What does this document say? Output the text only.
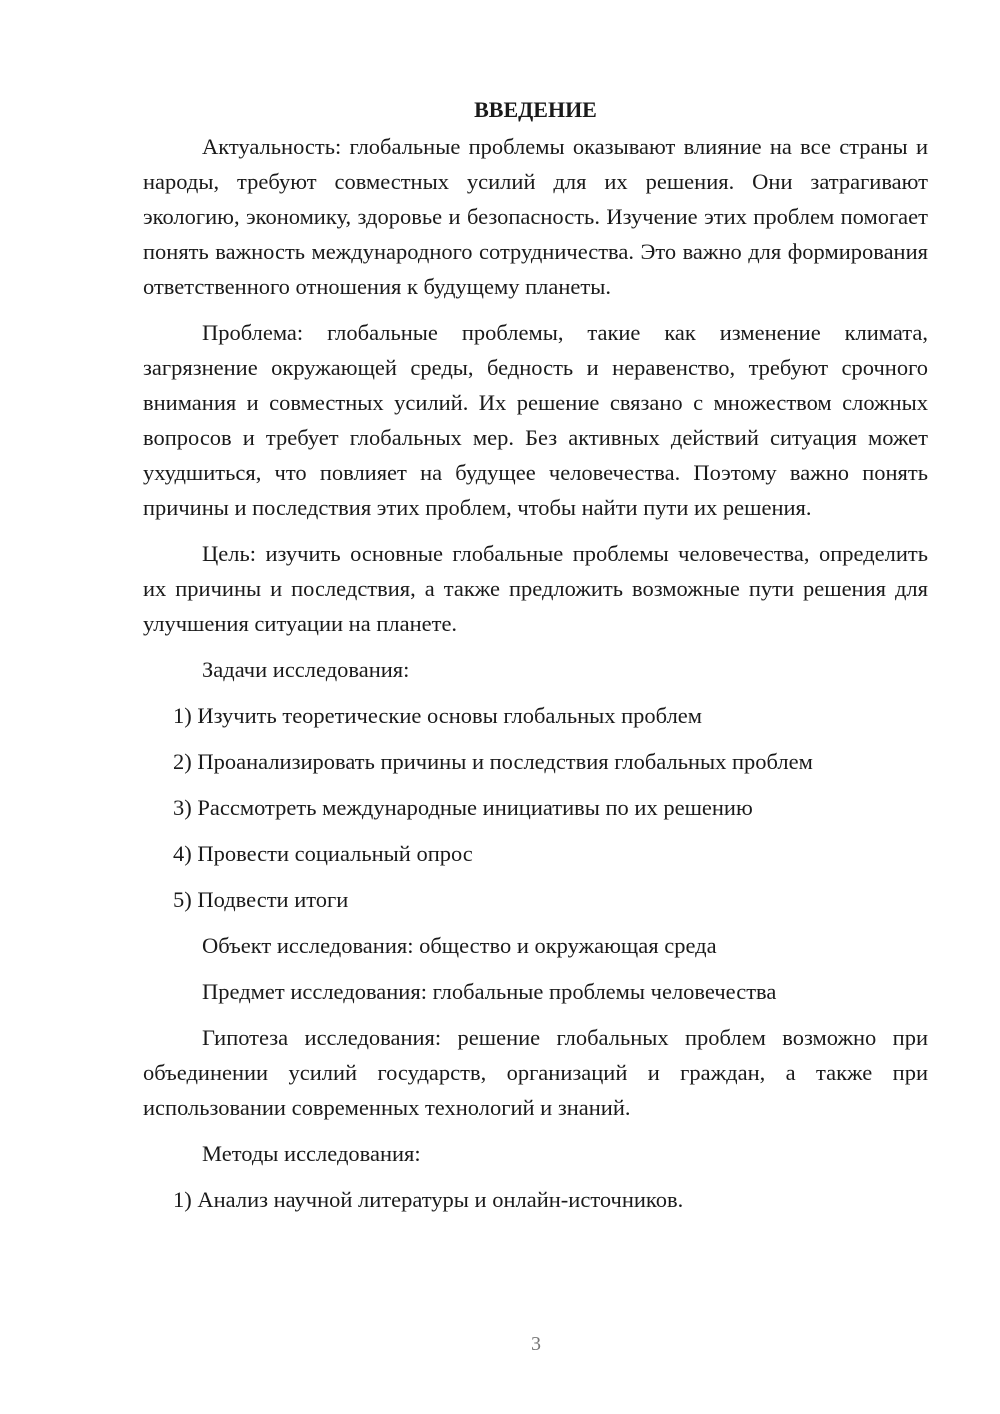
ВВЕДЕНИЕ

Актуальность: глобальные проблемы оказывают влияние на все страны и народы, требуют совместных усилий для их решения. Они затрагивают экологию, экономику, здоровье и безопасность. Изучение этих проблем помогает понять важность международного сотрудничества. Это важно для формирования ответственного отношения к будущему планеты.

Проблема: глобальные проблемы, такие как изменение климата, загрязнение окружающей среды, бедность и неравенство, требуют срочного внимания и совместных усилий. Их решение связано с множеством сложных вопросов и требует глобальных мер. Без активных действий ситуация может ухудшиться, что повлияет на будущее человечества. Поэтому важно понять причины и последствия этих проблем, чтобы найти пути их решения.

Цель: изучить основные глобальные проблемы человечества, определить их причины и последствия, а также предложить возможные пути решения для улучшения ситуации на планете.

Задачи исследования:

1) Изучить теоретические основы глобальных проблем

2) Проанализировать причины и последствия глобальных проблем

3) Рассмотреть международные инициативы по их решению

4) Провести социальный опрос

5) Подвести итоги

Объект исследования: общество и окружающая среда

Предмет исследования: глобальные проблемы человечества

Гипотеза исследования: решение глобальных проблем возможно при объединении усилий государств, организаций и граждан, а также при использовании современных технологий и знаний.

Методы исследования:

1) Анализ научной литературы и онлайн-источников.

3
